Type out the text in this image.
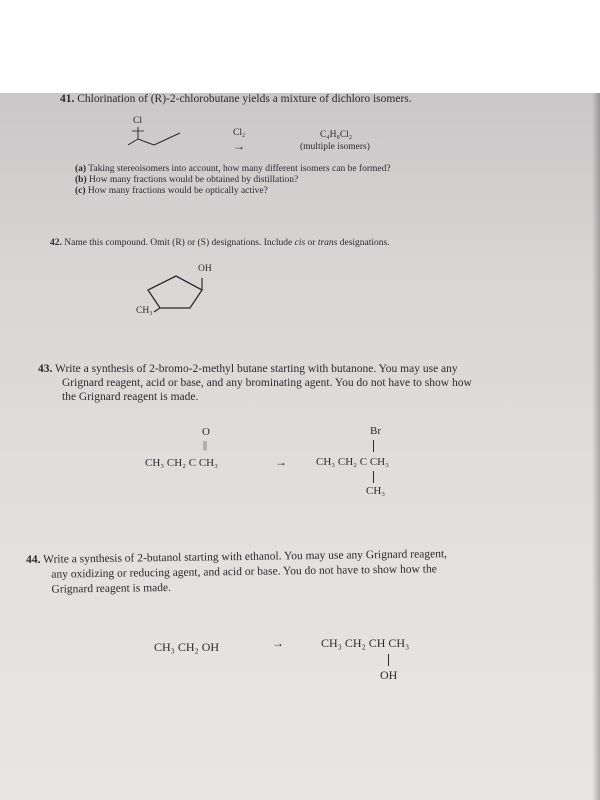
41. Chlorination of (R)-2-chlorobutane yields a mixture of dichloro isomers.
Cl
Cl₂
→
C₄H₈Cl₂
(multiple isomers)
(a) Taking stereoisomers into account, how many different isomers can be formed?
(b) How many fractions would be obtained by distillation?
(c) How many fractions would be optically active?
42. Name this compound. Omit (R) or (S) designations. Include cis or trans designations.
OH
CH₃
43. Write a synthesis of 2-bromo-2-methyl butane starting with butanone. You may use any
Grignard reagent, acid or base, and any brominating agent. You do not have to show how
the Grignard reagent is made.
O
||
CH₃ CH₂ C CH₃	→
Br
CH₃ CH₂ C CH₃
CH₃
44. Write a synthesis of 2-butanol starting with ethanol. You may use any Grignard reagent,
any oxidizing or reducing agent, and acid or base. You do not have to show how the
Grignard reagent is made.
CH₃ CH₂ OH	→	CH₃ CH₂ CH CH₃
OH
